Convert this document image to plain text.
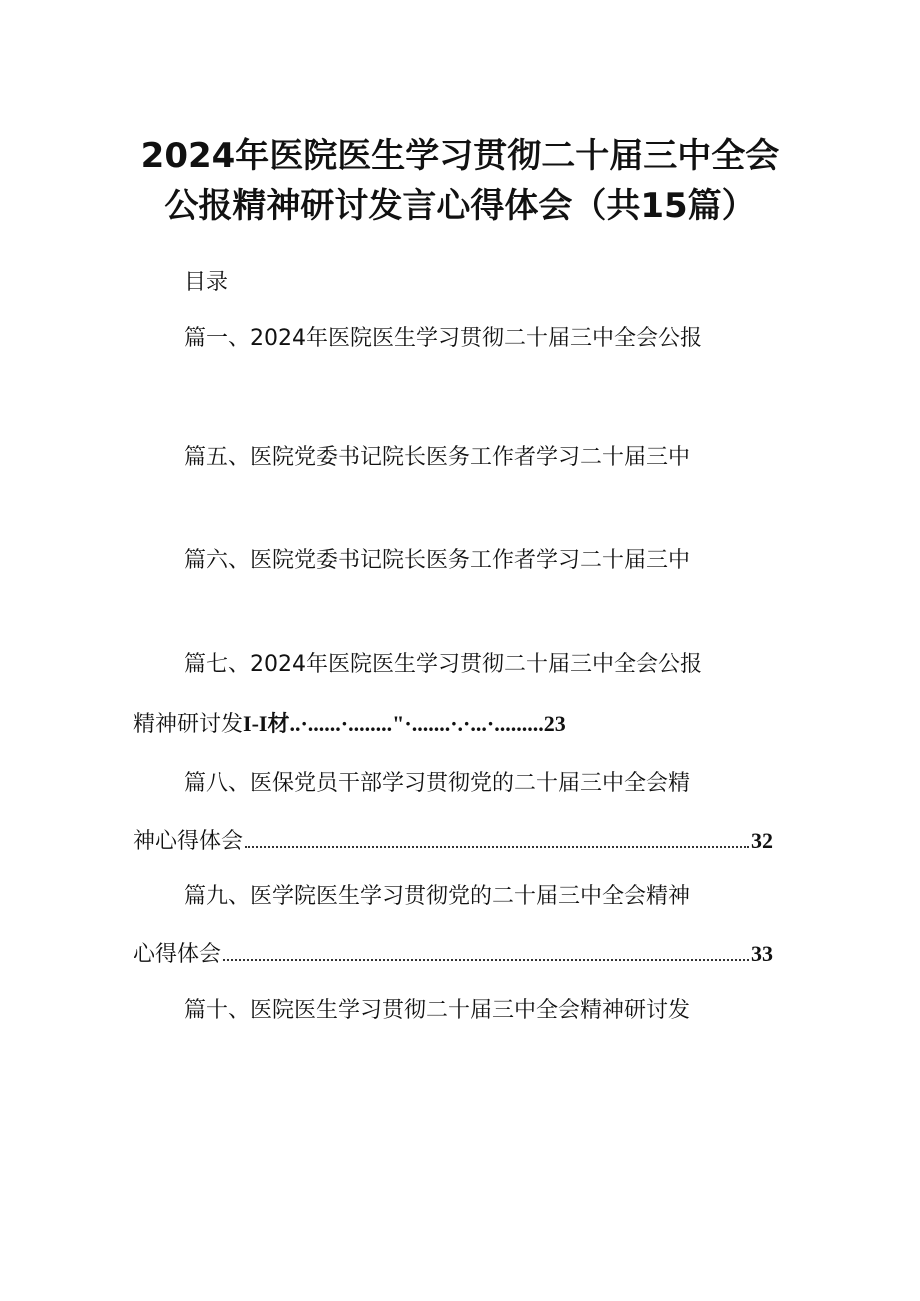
2024年医院医生学习贯彻二十届三中全会
公报精神研讨发言心得体会（共15篇）
目录
篇一、2024年医院医生学习贯彻二十届三中全会公报
篇五、医院党委书记院长医务工作者学习二十届三中
篇六、医院党委书记院长医务工作者学习二十届三中
篇七、2024年医院医生学习贯彻二十届三中全会公报
精神研讨发I-I材..·......·........"·.......·.·...·.........23
篇八、医保党员干部学习贯彻党的二十届三中全会精
神心得体会	32
篇九、医学院医生学习贯彻党的二十届三中全会精神
心得体会	33
篇十、医院医生学习贯彻二十届三中全会精神研讨发
